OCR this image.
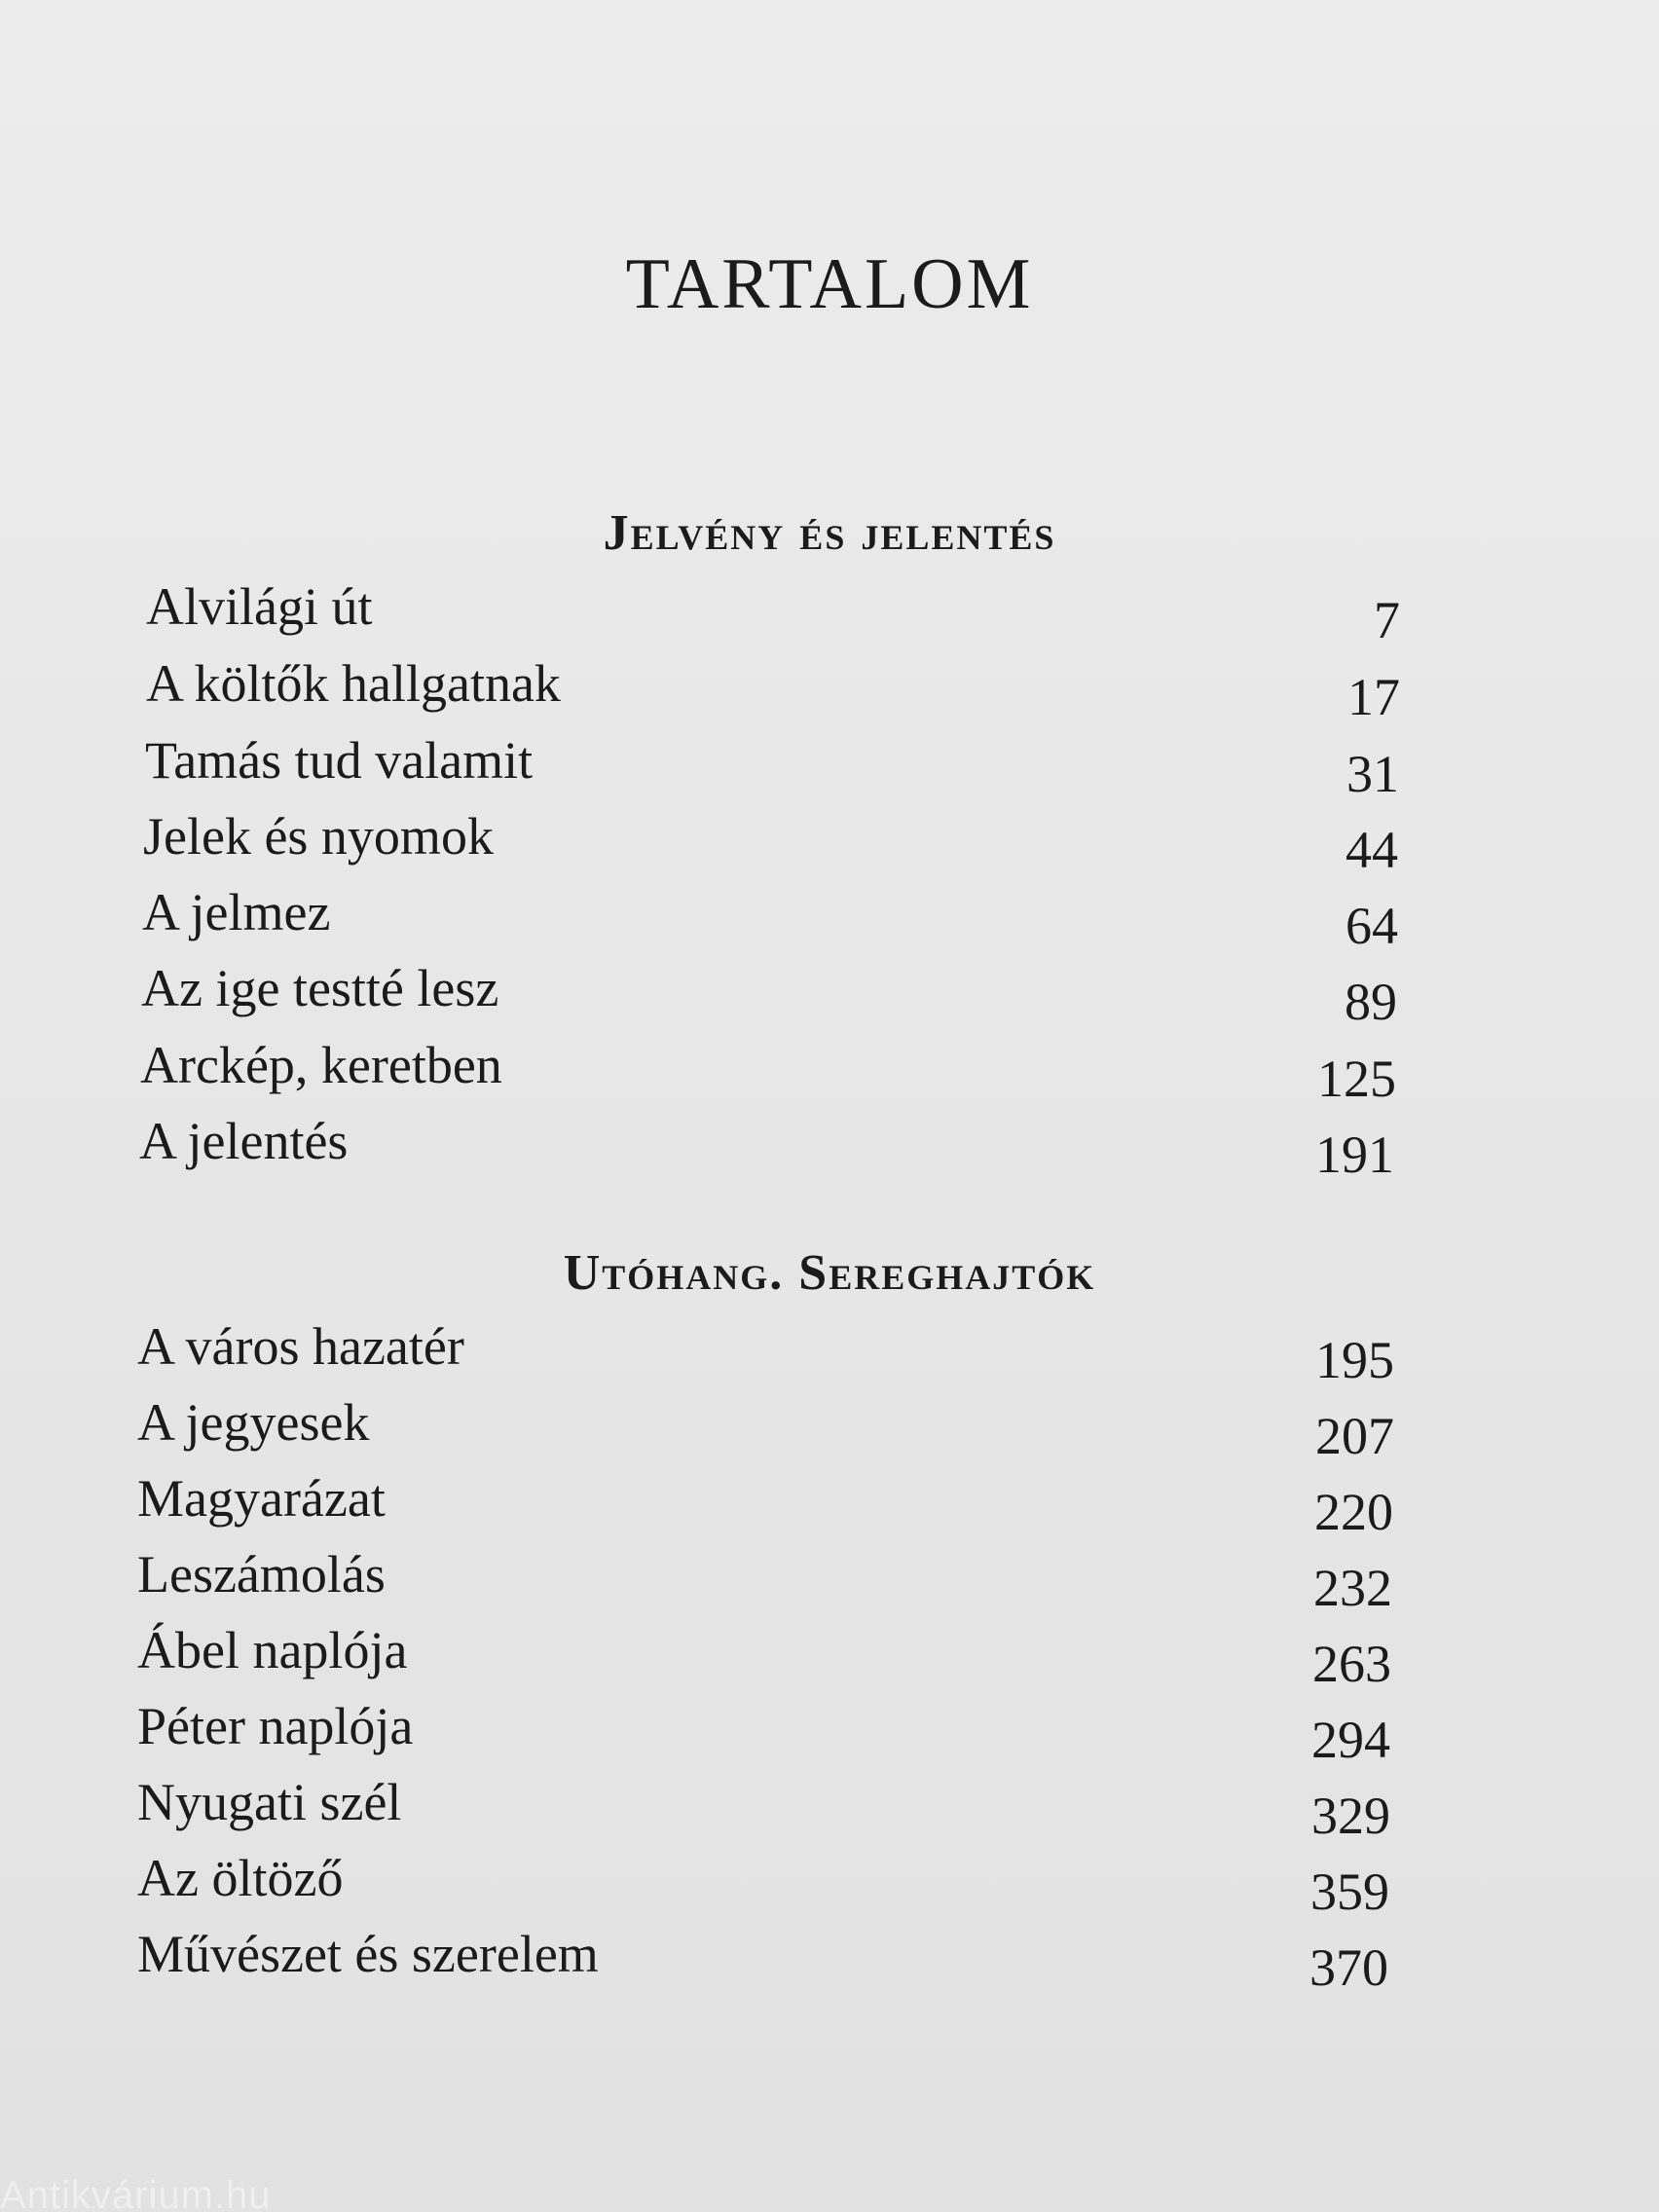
TARTALOM
Jelvény és jelentés
Alvilági út	7
A költők hallgatnak	17
Tamás tud valamit	31
Jelek és nyomok	44
A jelmez	64
Az ige testté lesz	89
Arckép, keretben	125
A jelentés	191
Utóhang. Sereghajtók
A város hazatér	195
A jegyesek	207
Magyarázat	220
Leszámolás	232
Ábel naplója	263
Péter naplója	294
Nyugati szél	329
Az öltöző	359
Művészet és szerelem	370
Antikvárium.hu
